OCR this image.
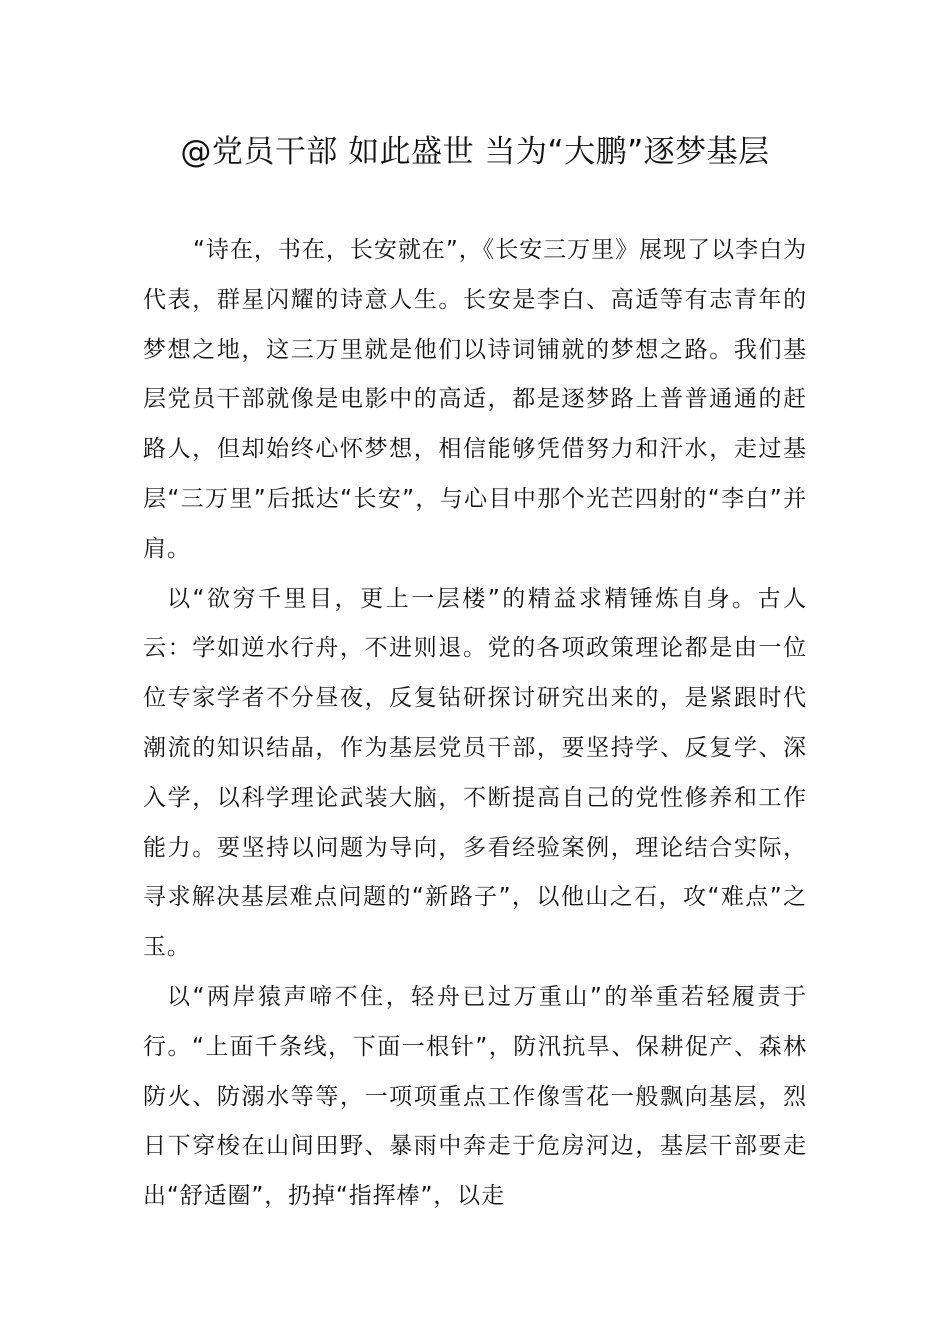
@党员干部 如此盛世 当为“大鹏”逐梦基层

“诗在，书在，长安就在”，《长安三万里》展现了以李白为代表，群星闪耀的诗意人生。长安是李白、高适等有志青年的梦想之地，这三万里就是他们以诗词铺就的梦想之路。我们基层党员干部就像是电影中的高适，都是逐梦路上普普通通的赶路人，但却始终心怀梦想，相信能够凭借努力和汗水，走过基层“三万里”后抵达“长安”，与心目中那个光芒四射的“李白”并肩。

以“欲穷千里目，更上一层楼”的精益求精锤炼自身。古人云：学如逆水行舟，不进则退。党的各项政策理论都是由一位位专家学者不分昼夜，反复钻研探讨研究出来的，是紧跟时代潮流的知识结晶，作为基层党员干部，要坚持学、反复学、深入学，以科学理论武装大脑，不断提高自己的党性修养和工作能力。要坚持以问题为导向，多看经验案例，理论结合实际，寻求解决基层难点问题的“新路子”，以他山之石，攻“难点”之玉。

以“两岸猿声啼不住，轻舟已过万重山”的举重若轻履责于行。“上面千条线，下面一根针”，防汛抗旱、保耕促产、森林防火、防溺水等等，一项项重点工作像雪花一般飘向基层，烈日下穿梭在山间田野、暴雨中奔走于危房河边，基层干部要走出“舒适圈”，扔掉“指挥棒”，以走
